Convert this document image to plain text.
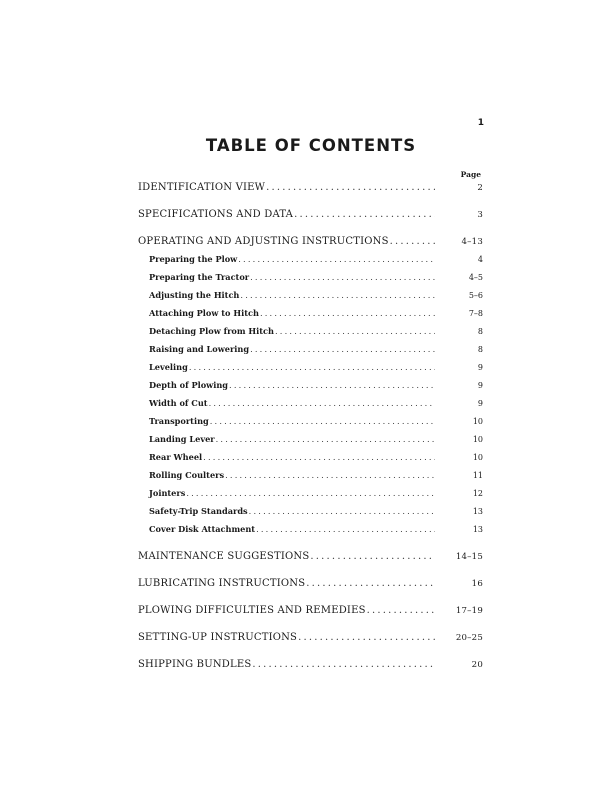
1
TABLE OF CONTENTS
Page
IDENTIFICATION VIEW .....	2
SPECIFICATIONS AND DATA .....	3
OPERATING AND ADJUSTING INSTRUCTIONS .....	4–13
Preparing the Plow .....	4
Preparing the Tractor .....	4–5
Adjusting the Hitch .....	5–6
Attaching Plow to Hitch .....	7–8
Detaching Plow from Hitch .....	8
Raising and Lowering .....	8
Leveling .....	9
Depth of Plowing .....	9
Width of Cut .....	9
Transporting .....	10
Landing Lever .....	10
Rear Wheel .....	10
Rolling Coulters .....	11
Jointers .....	12
Safety-Trip Standards .....	13
Cover Disk Attachment .....	13
MAINTENANCE SUGGESTIONS .....	14–15
LUBRICATING INSTRUCTIONS .....	16
PLOWING DIFFICULTIES AND REMEDIES .....	17–19
SETTING-UP INSTRUCTIONS .....	20–25
SHIPPING BUNDLES .....	20
